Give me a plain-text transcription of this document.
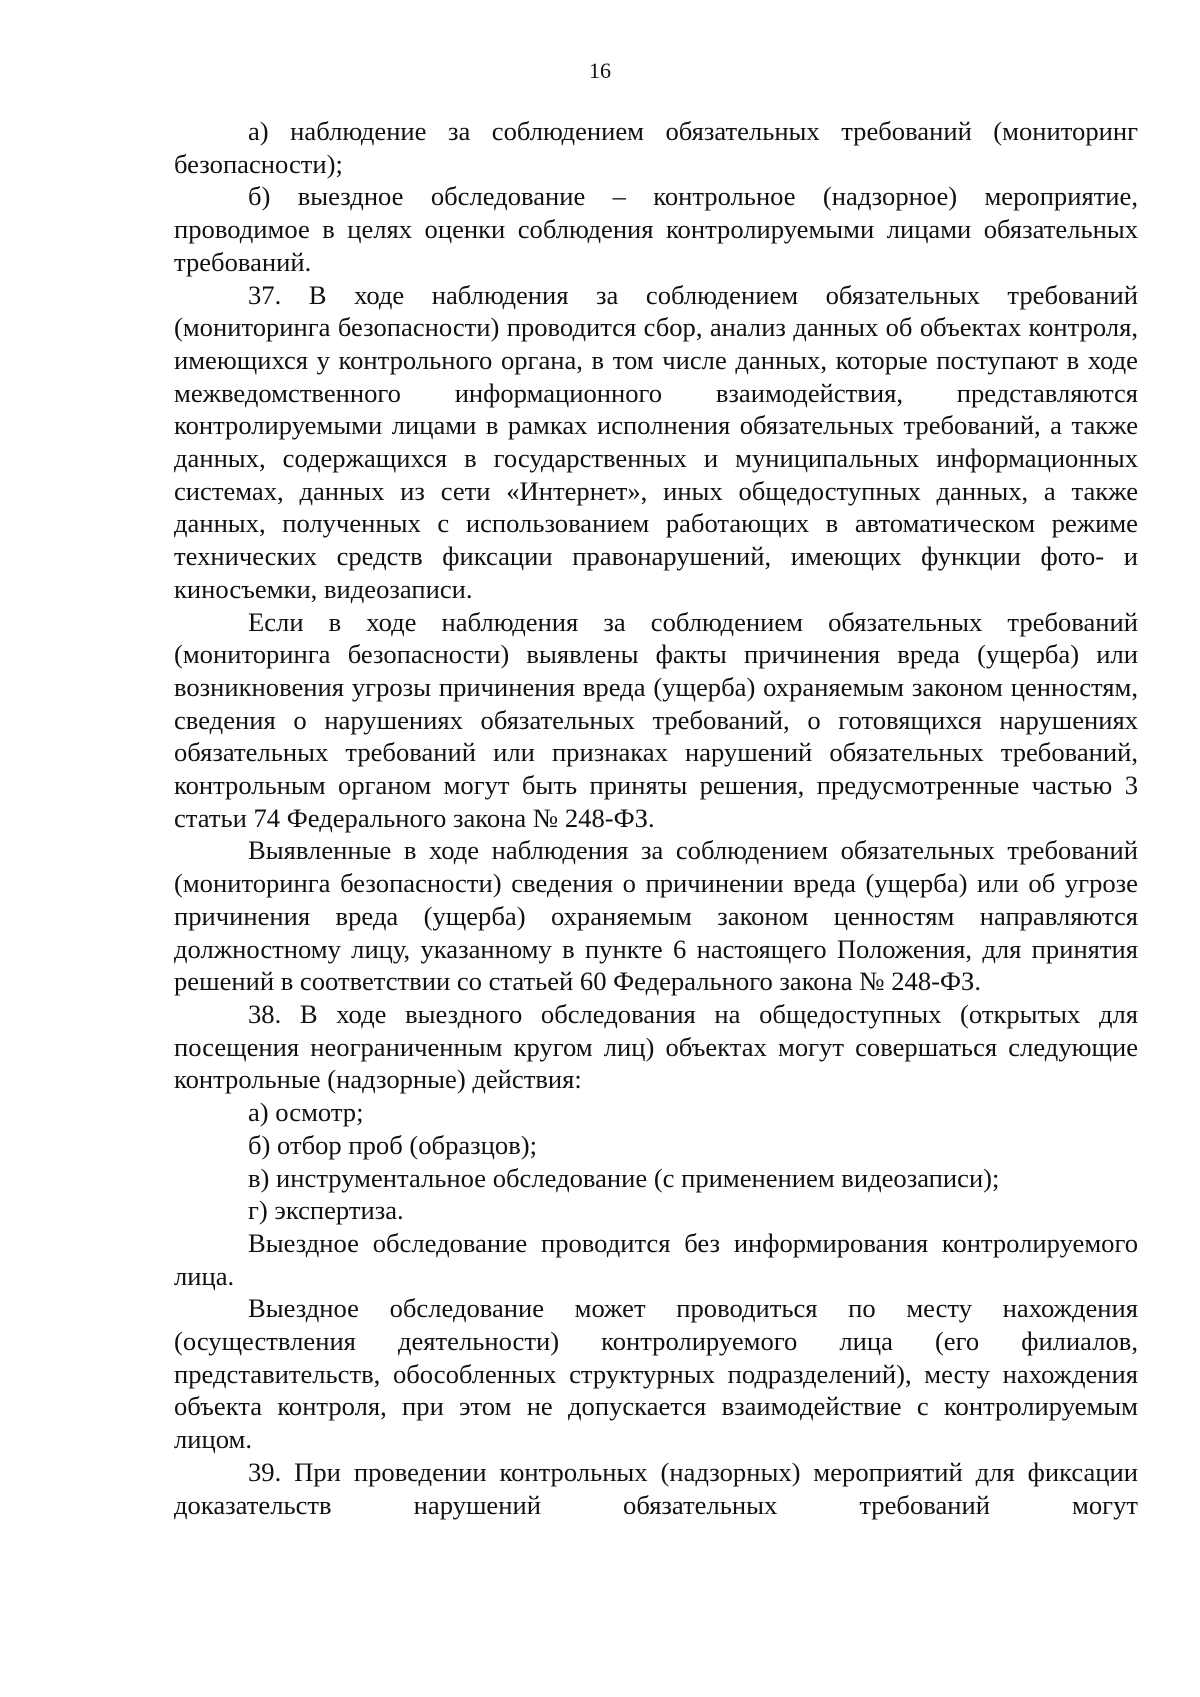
16

а) наблюдение за соблюдением обязательных требований (мониторинг безопасности);

б) выездное обследование – контрольное (надзорное) мероприятие, проводимое в целях оценки соблюдения контролируемыми лицами обязательных требований.

37. В ходе наблюдения за соблюдением обязательных требований (мониторинга безопасности) проводится сбор, анализ данных об объектах контроля, имеющихся у контрольного органа, в том числе данных, которые поступают в ходе межведомственного информационного взаимодействия, представляются контролируемыми лицами в рамках исполнения обязательных требований, а также данных, содержащихся в государственных и муниципальных информационных системах, данных из сети «Интернет», иных общедоступных данных, а также данных, полученных с использованием работающих в автоматическом режиме технических средств фиксации правонарушений, имеющих функции фото- и киносъемки, видеозаписи.

Если в ходе наблюдения за соблюдением обязательных требований (мониторинга безопасности) выявлены факты причинения вреда (ущерба) или возникновения угрозы причинения вреда (ущерба) охраняемым законом ценностям, сведения о нарушениях обязательных требований, о готовящихся нарушениях обязательных требований или признаках нарушений обязательных требований, контрольным органом могут быть приняты решения, предусмотренные частью 3 статьи 74 Федерального закона № 248-ФЗ.

Выявленные в ходе наблюдения за соблюдением обязательных требований (мониторинга безопасности) сведения о причинении вреда (ущерба) или об угрозе причинения вреда (ущерба) охраняемым законом ценностям направляются должностному лицу, указанному в пункте 6 настоящего Положения, для принятия решений в соответствии со статьей 60 Федерального закона № 248-ФЗ.

38. В ходе выездного обследования на общедоступных (открытых для посещения неограниченным кругом лиц) объектах могут совершаться следующие контрольные (надзорные) действия:

а) осмотр;

б) отбор проб (образцов);

в) инструментальное обследование (с применением видеозаписи);

г) экспертиза.

Выездное обследование проводится без информирования контролируемого лица.

Выездное обследование может проводиться по месту нахождения (осуществления деятельности) контролируемого лица (его филиалов, представительств, обособленных структурных подразделений), месту нахождения объекта контроля, при этом не допускается взаимодействие с контролируемым лицом.

39. При проведении контрольных (надзорных) мероприятий для фиксации доказательств нарушений обязательных требований могут
